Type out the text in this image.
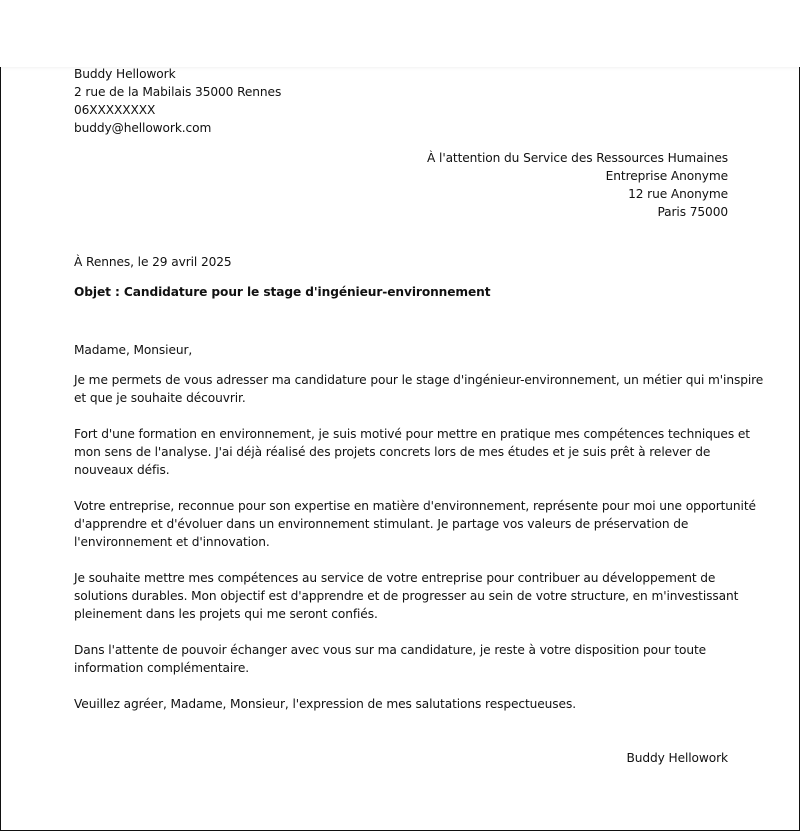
Buddy Hellowork
2 rue de la Mabilais 35000 Rennes
06XXXXXXXX
buddy@hellowork.com
À l'attention du Service des Ressources Humaines
Entreprise Anonyme
12 rue Anonyme
Paris 75000
À Rennes, le 29 avril 2025
Objet : Candidature pour le stage d'ingénieur-environnement
Madame, Monsieur,
Je me permets de vous adresser ma candidature pour le stage d'ingénieur-environnement, un métier qui m'inspire
et que je souhaite découvrir.
Fort d'une formation en environnement, je suis motivé pour mettre en pratique mes compétences techniques et
mon sens de l'analyse. J'ai déjà réalisé des projets concrets lors de mes études et je suis prêt à relever de
nouveaux défis.
Votre entreprise, reconnue pour son expertise en matière d'environnement, représente pour moi une opportunité
d'apprendre et d'évoluer dans un environnement stimulant. Je partage vos valeurs de préservation de
l'environnement et d'innovation.
Je souhaite mettre mes compétences au service de votre entreprise pour contribuer au développement de
solutions durables. Mon objectif est d'apprendre et de progresser au sein de votre structure, en m'investissant
pleinement dans les projets qui me seront confiés.
Dans l'attente de pouvoir échanger avec vous sur ma candidature, je reste à votre disposition pour toute
information complémentaire.
Veuillez agréer, Madame, Monsieur, l'expression de mes salutations respectueuses.
Buddy Hellowork
